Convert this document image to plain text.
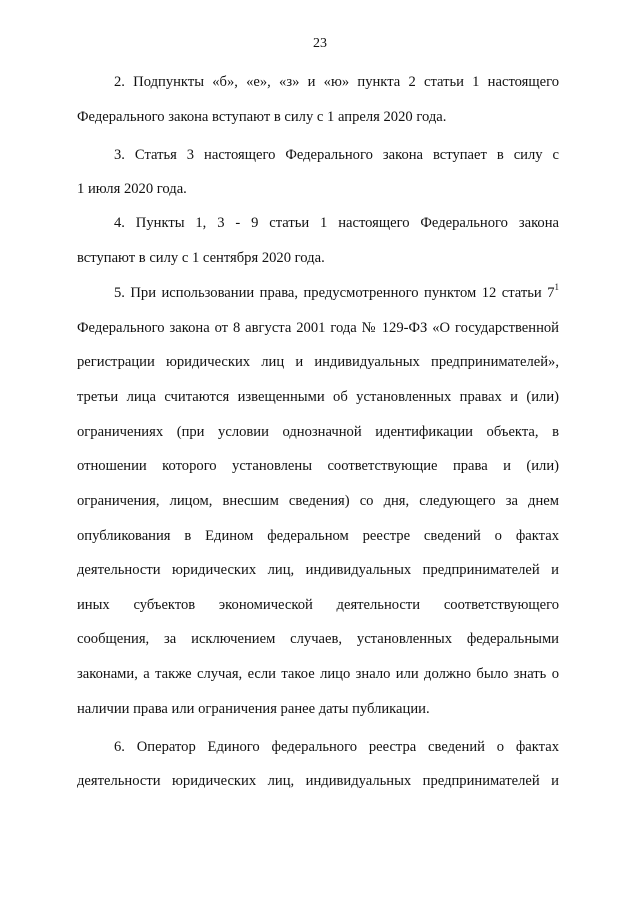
23
2. Подпункты «б», «е», «з» и «ю» пункта 2 статьи 1 настоящего
Федерального закона вступают в силу с 1 апреля 2020 года.
3. Статья 3 настоящего Федерального закона вступает в силу с
1 июля 2020 года.
4. Пункты 1, 3 - 9 статьи 1 настоящего Федерального закона
вступают в силу с 1 сентября 2020 года.
5. При использовании права, предусмотренного пунктом 12 статьи $7^1$
Федерального закона от 8 августа 2001 года № 129-ФЗ «О государственной
регистрации юридических лиц и индивидуальных предпринимателей»,
третьи лица считаются извещенными об установленных правах и (или)
ограничениях (при условии однозначной идентификации объекта, в
отношении которого установлены соответствующие права и (или)
ограничения, лицом, внесшим сведения) со дня, следующего за днем
опубликования в Едином федеральном реестре сведений о фактах
деятельности юридических лиц, индивидуальных предпринимателей и
иных субъектов экономической деятельности соответствующего
сообщения, за исключением случаев, установленных федеральными
законами, а также случая, если такое лицо знало или должно было знать о
наличии права или ограничения ранее даты публикации.
6. Оператор Единого федерального реестра сведений о фактах
деятельности юридических лиц, индивидуальных предпринимателей и
